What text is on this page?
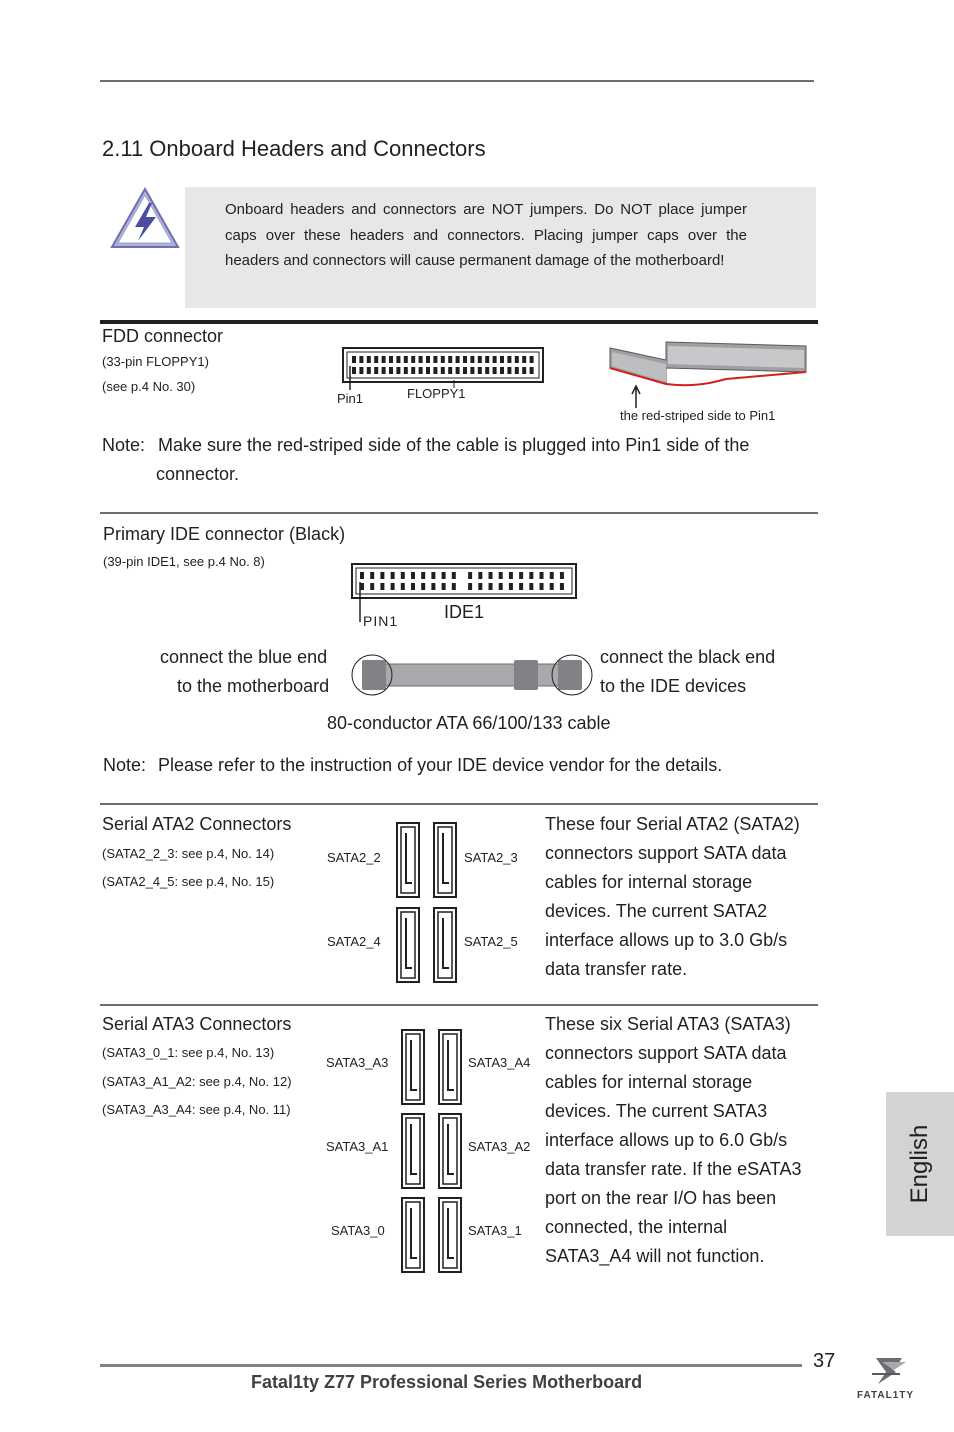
2.11 Onboard Headers and Connectors

Onboard headers and connectors are NOT jumpers. Do NOT place jumper caps over these headers and connectors. Placing jumper caps over the headers and connectors will cause permanent damage of the motherboard!

FDD connector
(33-pin FLOPPY1)
(see p.4 No. 30)
Pin1	FLOPPY1
the red-striped side to Pin1
Note: Make sure the red-striped side of the cable is plugged into Pin1 side of the
connector.
Primary IDE connector (Black)
(39-pin IDE1, see p.4 No. 8)
PIN1	IDE1
connect the blue end
to the motherboard
connect the black end
to the IDE devices
80-conductor ATA 66/100/133 cable
Note: Please refer to the instruction of your IDE device vendor for the details.
Serial ATA2 Connectors
(SATA2_2_3: see p.4, No. 14)
(SATA2_4_5: see p.4, No. 15)
SATA2_2	SATA2_3
SATA2_4	SATA2_5
These four Serial ATA2 (SATA2)
connectors support SATA data
cables for internal storage
devices. The current SATA2
interface allows up to 3.0 Gb/s
data transfer rate.
Serial ATA3 Connectors
(SATA3_0_1: see p.4, No. 13)
(SATA3_A1_A2: see p.4, No. 12)
(SATA3_A3_A4: see p.4, No. 11)
SATA3_A3	SATA3_A4
SATA3_A1	SATA3_A2
SATA3_0	SATA3_1
These six Serial ATA3 (SATA3)
connectors support SATA data
cables for internal storage
devices. The current SATA3
interface allows up to 6.0 Gb/s
data transfer rate. If the eSATA3
port on the rear I/O has been
connected, the internal
SATA3_A4 will not function.
English
37
Fatal1ty Z77 Professional Series Motherboard
FATAL1TY
